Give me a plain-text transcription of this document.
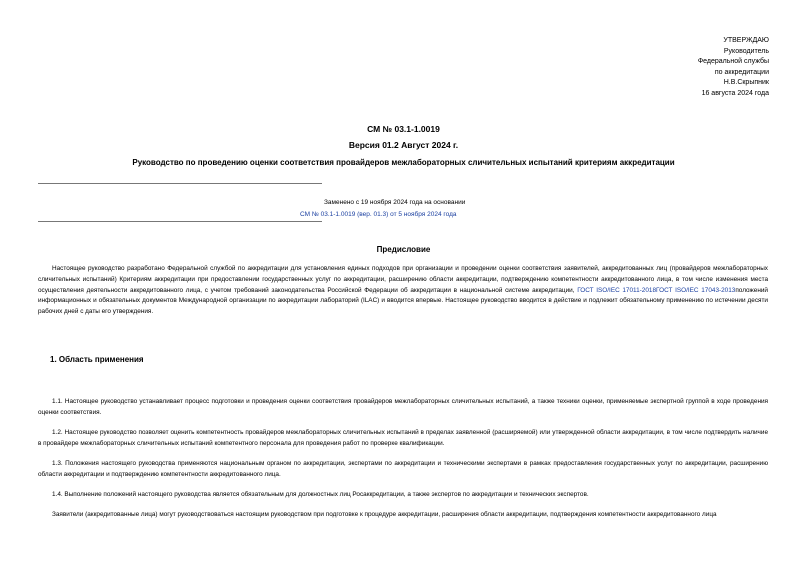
УТВЕРЖДАЮ
Руководитель
Федеральной службы
по аккредитации
Н.В.Скрыпник
16 августа 2024 года
СМ № 03.1-1.0019
Версия 01.2 Август 2024 г.
Руководство по проведению оценки соответствия провайдеров межлабораторных сличительных испытаний критериям аккредитации
Заменено с 19 ноября 2024 года на основании
СМ № 03.1-1.0019 (вер. 01.3) от 5 ноября 2024 года
Предисловие
Настоящее руководство разработано Федеральной службой по аккредитации для установления единых подходов при организации и проведении оценки соответствия заявителей, аккредитованных лиц (провайдеров межлабораторных сличительных испытаний) Критериям аккредитации при предоставлении государственных услуг по аккредитации, расширению области аккредитации, подтверждению компетентности аккредитованного лица, в том числе изменения места осуществления деятельности аккредитованного лица, с учетом требований законодательства Российской Федерации об аккредитации в национальной системе аккредитации, ГОСТ ISO/IEC 17011-2018ГОСТ ISO/IEC 17043-2013положений информационных и обязательных документов Международной организации по аккредитации лабораторий (ILAC) и вводится впервые. Настоящее руководство вводится в действие и подлежит обязательному применению по истечении десяти рабочих дней с даты его утверждения.
1. Область применения
1.1. Настоящее руководство устанавливает процесс подготовки и проведения оценки соответствия провайдеров межлабораторных сличительных испытаний, а также техники оценки, применяемые экспертной группой в ходе проведения оценки соответствия.
1.2. Настоящее руководство позволяет оценить компетентность провайдеров межлабораторных сличительных испытаний в пределах заявленной (расширяемой) или утвержденной области аккредитации, в том числе подтвердить наличие в провайдере межлабораторных сличительных испытаний компетентного персонала для проведения работ по проверке квалификации.
1.3. Положения настоящего руководства применяются национальным органом по аккредитации, экспертами по аккредитации и техническими экспертами в рамках предоставления государственных услуг по аккредитации, расширению области аккредитации и подтверждению компетентности аккредитованного лица.
1.4. Выполнение положений настоящего руководства является обязательным для должностных лиц Росаккредитации, а также экспертов по аккредитации и технических экспертов.
Заявители (аккредитованные лица) могут руководствоваться настоящим руководством при подготовке к процедуре аккредитации, расширения области аккредитации, подтверждения компетентности аккредитованного лица
